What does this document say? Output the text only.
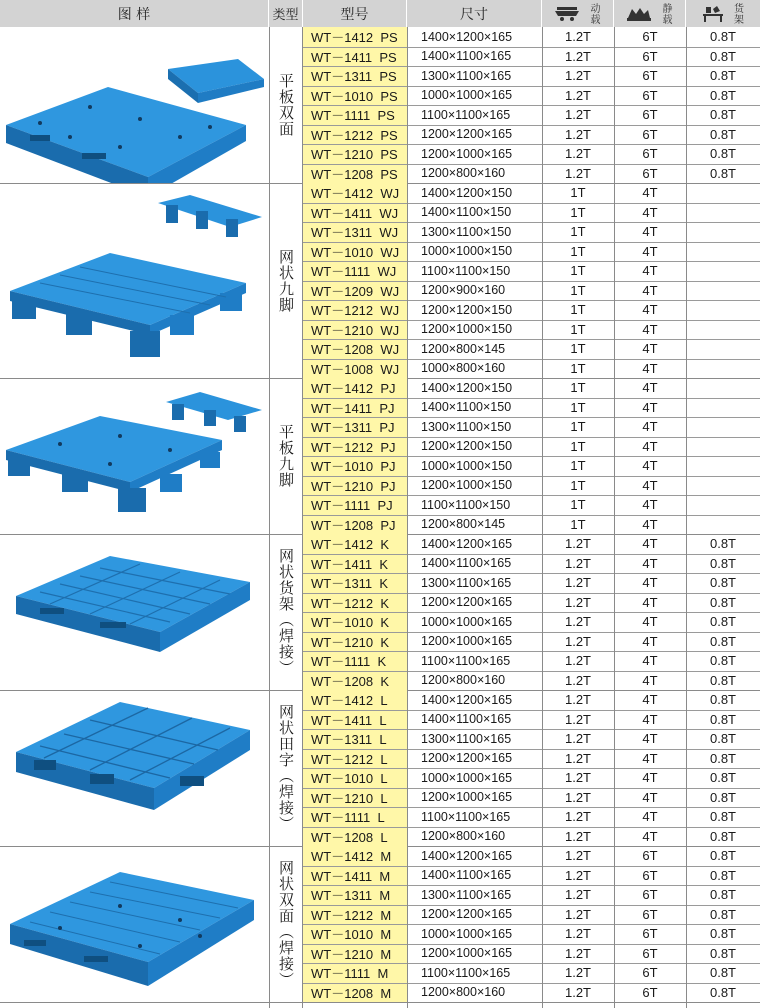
图 样	类型	型号	尺寸	动载	静载	货架
平板双面
WT－1412  PS	1400×1200×165	1.2T	6T	0.8T
WT－1411  PS	1400×1100×165	1.2T	6T	0.8T
WT－1311  PS	1300×1100×165	1.2T	6T	0.8T
WT－1010  PS	1000×1000×165	1.2T	6T	0.8T
WT－1111  PS	1100×1100×165	1.2T	6T	0.8T
WT－1212  PS	1200×1200×165	1.2T	6T	0.8T
WT－1210  PS	1200×1000×165	1.2T	6T	0.8T
WT－1208  PS	1200×800×160	1.2T	6T	0.8T
网状九脚
WT－1412  WJ	1400×1200×150	1T	4T
WT－1411  WJ	1400×1100×150	1T	4T
WT－1311  WJ	1300×1100×150	1T	4T
WT－1010  WJ	1000×1000×150	1T	4T
WT－1111  WJ	1100×1100×150	1T	4T
WT－1209  WJ	1200×900×160	1T	4T
WT－1212  WJ	1200×1200×150	1T	4T
WT－1210  WJ	1200×1000×150	1T	4T
WT－1208  WJ	1200×800×145	1T	4T
WT－1008  WJ	1000×800×160	1T	4T
平板九脚
WT－1412  PJ	1400×1200×150	1T	4T
WT－1411  PJ	1400×1100×150	1T	4T
WT－1311  PJ	1300×1100×150	1T	4T
WT－1212  PJ	1200×1200×150	1T	4T
WT－1010  PJ	1000×1000×150	1T	4T
WT－1210  PJ	1200×1000×150	1T	4T
WT－1111  PJ	1100×1100×150	1T	4T
WT－1208  PJ	1200×800×145	1T	4T
网状货架（焊接）
WT－1412  K	1400×1200×165	1.2T	4T	0.8T
WT－1411  K	1400×1100×165	1.2T	4T	0.8T
WT－1311  K	1300×1100×165	1.2T	4T	0.8T
WT－1212  K	1200×1200×165	1.2T	4T	0.8T
WT－1010  K	1000×1000×165	1.2T	4T	0.8T
WT－1210  K	1200×1000×165	1.2T	4T	0.8T
WT－1111  K	1100×1100×165	1.2T	4T	0.8T
WT－1208  K	1200×800×160	1.2T	4T	0.8T
网状田字（焊接）
WT－1412  L	1400×1200×165	1.2T	4T	0.8T
WT－1411  L	1400×1100×165	1.2T	4T	0.8T
WT－1311  L	1300×1100×165	1.2T	4T	0.8T
WT－1212  L	1200×1200×165	1.2T	4T	0.8T
WT－1010  L	1000×1000×165	1.2T	4T	0.8T
WT－1210  L	1200×1000×165	1.2T	4T	0.8T
WT－1111  L	1100×1100×165	1.2T	4T	0.8T
WT－1208  L	1200×800×160	1.2T	4T	0.8T
网状双面（焊接）
WT－1412  M	1400×1200×165	1.2T	6T	0.8T
WT－1411  M	1400×1100×165	1.2T	6T	0.8T
WT－1311  M	1300×1100×165	1.2T	6T	0.8T
WT－1212  M	1200×1200×165	1.2T	6T	0.8T
WT－1010  M	1000×1000×165	1.2T	6T	0.8T
WT－1210  M	1200×1000×165	1.2T	6T	0.8T
WT－1111  M	1100×1100×165	1.2T	6T	0.8T
WT－1208  M	1200×800×160	1.2T	6T	0.8T
